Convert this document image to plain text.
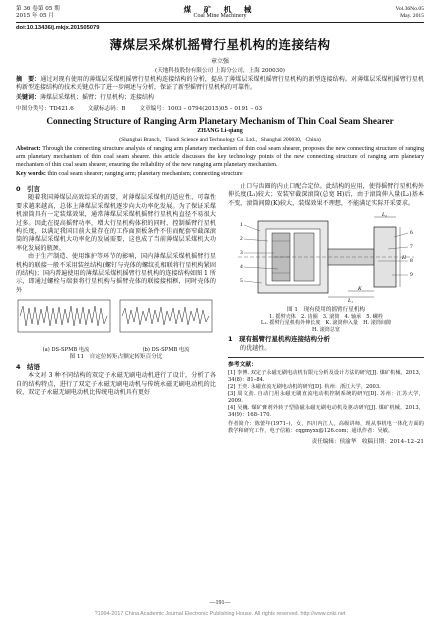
第 36 卷第 05 期
2015 年 05 月
煤 矿 机 械
Coal Mine Machinery
Vol.36No.05
May. 2015
doi:10.13436/j.mkjx.201505079
薄煤层采煤机摇臂行星机构的连接结构
章立强
(天地科技股份有限公司 上海分公司，上海 200030)
摘　要：通过对现有使用的薄煤层采煤机摇臂行星机构连接结构的分析，提出了薄煤层采煤机摇臂行星机构的新型连接结构。对薄煤层采煤机摇臂行星机构新型连接结构的技术关键点作了进一步阐述与分析，保证了新型摇臂行星机构的可靠性。
关键词：薄煤层采煤机；摇臂；行星机构；连接结构
中图分类号：TD421.6	文献标志码：B	文章编号：1003 – 0794(2015)05 – 0191 – 03
Connecting Structure of Ranging Arm Planetary Mechanism of Thin Coal Seam Shearer
ZHANG Li-qiang
(Shanghai Branch，Tiandi Science and Technology Co. Ltd.，Shanghai 200030，China)
Abstract: Through the connecting structure analysis of ranging arm planetary mechanism of thin coal seam shearer, proposes the new connecting structure of ranging arm planetary mechanism of thin coal seam shearer. this article discusses the key technology points of the new connecting structure of ranging arm planetary mechanism of thin coal seam shearer, ensuring the reliability of the new ranging arm planetary mechanism.
Key words: thin coal seam shearer; ranging arm; planetary mechanism; connecting structure
0　引言

随着我国薄煤层高效综采的需要，对薄煤层采煤机的适应性、可靠性要求越来越高，总体上薄煤层采煤机逐步向大功率化发展。为了保证采煤机滚筒具有一定装煤效果，通常薄煤层采煤机摇臂行星机构直径不易很大过多。因此在提高摇臂功率，增大行星机构体积的同时，控制摇臂行星机构长度，以满足我国目前大量存在的工作面顶板条件不佳而配套窄截深滚筒的薄煤层采煤机大功率化的发展需要，这也成了当前薄煤层采煤机大功率化发展的瓶颈。

由于生产制造、使用维护等环节的影响，国内薄煤层采煤机摇臂行星机构的联接一般不采用装丝结构(螺钉与壳体的螺纹孔相联将行星机构紧固的结构)；国内普遍使用的薄煤层采煤机摇臂行星机构的连接结构如图 1 所示，即通过螺栓与端套将行星机构与摇臂壳体的联接接相框，同时壳体的外

(a) DS-SPMB 电流	(b) DS-SPMB 电流
图 11　自定位转矩占额定转矩百分比
4　结语

本文对 3 种不同结构的双定子永磁无刷电动机进行了设计，分析了各自的结构特点，进行了双定子永磁无刷电动机与传统永磁无刷电动机的比较，双定子永磁无刷电动机比传统电动机具有更好

止口与齿圈的内止口配合定位。此结构的应用，使得摇臂行星机构外伸长度(L₁)较大；安装窄截深滚筒(总宽 H)后，由于滚筒伸入量(L₂)基本不变，滚筒间隙(K)较大，装煤效果不理想，不能满足实际开采要求。

1
2
3
4
5
6
7
8
9
L₁
L₂
K
H
图 1　现有使用的摇臂行星机构
1. 摇臂壳体　2. 齿圈　3. 滚筒　4. 轴承　5. 螺栓
L₁. 摇臂行星机构外伸长度　K. 滚筒伸入量　H. 滚筒间隙
H. 滚筒总宽
1　现有摇臂行星机构连接结构分析

的优越性。

参考文献：

[1] 李博. 双定子永磁无刷电动机有限元分析及设计方法的研究[J]. 煤矿机械，2013，34(8)：81–84.

[2] 王奕. 永磁直流无刷电动机的研究[D]. 杭州：浙江大学，2003.

[3] 周文劲. 自动门用永磁无刷直流电动机控制系统的研究[D]. 苏州：江苏大学，2009.

[4] 吴巍. 煤矿膏剂外转子型励磁永磁无刷电动机及驱动研究[J]. 煤矿机械，2013，34(9)：168–170.

作者简介：陈蕾年(1971–)，女，四川内江人，高级讲师，现从事机电一体化方面的教学和研究工作，电子信箱：cqgmyxx@126.com；通讯作者：吴敏。

责任编辑：侯渝华　收稿日期：2014–12–21
—191—
?1994-2017 China Academic Journal Electronic Publishing House. All rights reserved. http://www.cnki.net
